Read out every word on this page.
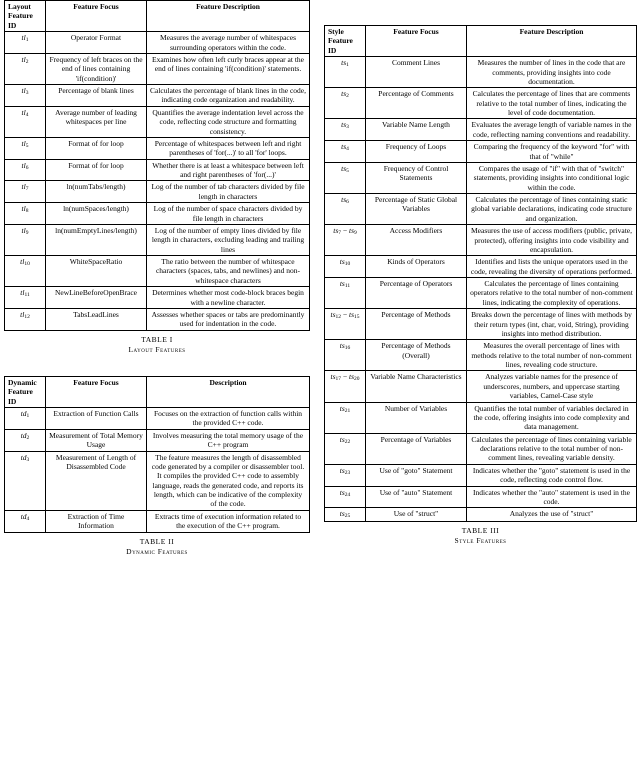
Layout Feature ID	Feature Focus	Feature Description
$tl_1$	Operator Format	Measures the average number of whitespaces surrounding operators within the code.
$tl_2$	Frequency of left braces on the end of lines containing 'if(condition)'	Examines how often left curly braces appear at the end of lines containing 'if(condition)' statements.
$tl_3$	Percentage of blank lines	Calculates the percentage of blank lines in the code, indicating code organization and readability.
$tl_4$	Average number of leading whitespaces per line	Quantifies the average indentation level across the code, reflecting code structure and formatting consistency.
$tl_5$	Format of for loop	Percentage of whitespaces between left and right parentheses of 'for(...)' to all 'for' loops.
$tl_6$	Format of for loop	Whether there is at least a whitespace between left and right parentheses of 'for(...)'
$tl_7$	ln(numTabs/length)	Log of the number of tab characters divided by file length in characters
$tl_8$	ln(numSpaces/length)	Log of the number of space characters divided by file length in characters
$tl_9$	ln(numEmptyLines/length)	Log of the number of empty lines divided by file length in characters, excluding leading and trailing lines
$tl_{10}$	WhiteSpaceRatio	The ratio between the number of whitespace characters (spaces, tabs, and newlines) and non-whitespace characters
$tl_{11}$	NewLineBeforeOpenBrace	Determines whether most code-block braces begin with a newline character.
$tl_{12}$	TabsLeadLines	Assesses whether spaces or tabs are predominantly used for indentation in the code.
TABLE I
Layout Features
Dynamic Feature ID	Feature Focus	Description
$td_1$	Extraction of Function Calls	Focuses on the extraction of function calls within the provided C++ code.
$td_2$	Measurement of Total Memory Usage	Involves measuring the total memory usage of the C++ program
$td_3$	Measurement of Length of Disassembled Code	The feature measures the length of disassembled code generated by a compiler or disassembler tool. It compiles the provided C++ code to assembly language, reads the generated code, and reports its length, which can be indicative of the complexity of the code.
$td_4$	Extraction of Time Information	Extracts time of execution information related to the execution of the C++ program.
TABLE II
Dynamic Features
Style Feature ID	Feature Focus	Feature Description
$ts_1$	Comment Lines	Measures the number of lines in the code that are comments, providing insights into code documentation.
$ts_2$	Percentage of Comments	Calculates the percentage of lines that are comments relative to the total number of lines, indicating the level of code documentation.
$ts_3$	Variable Name Length	Evaluates the average length of variable names in the code, reflecting naming conventions and readability.
$ts_4$	Frequency of Loops	Comparing the frequency of the keyword "for" with that of "while"
$ts_5$	Frequency of Control Statements	Compares the usage of "if" with that of "switch" statements, providing insights into conditional logic within the code.
$ts_6$	Percentage of Static Global Variables	Calculates the percentage of lines containing static global variable declarations, indicating code structure and organization.
$ts_7 - ts_9$	Access Modifiers	Measures the use of access modifiers (public, private, protected), offering insights into code visibility and encapsulation.
$ts_{10}$	Kinds of Operators	Identifies and lists the unique operators used in the code, revealing the diversity of operations performed.
$ts_{11}$	Percentage of Operators	Calculates the percentage of lines containing operators relative to the total number of non-comment lines, indicating the complexity of operations.
$ts_{12} - ts_{15}$	Percentage of Methods	Breaks down the percentage of lines with methods by their return types (int, char, void, String), providing insights into method distribution.
$ts_{16}$	Percentage of Methods (Overall)	Measures the overall percentage of lines with methods relative to the total number of non-comment lines, revealing code structure.
$ts_{17} - ts_{20}$	Variable Name Characteristics	Analyzes variable names for the presence of underscores, numbers, and uppercase starting variables, Camel-Case style
$ts_{21}$	Number of Variables	Quantifies the total number of variables declared in the code, offering insights into code complexity and data management.
$ts_{22}$	Percentage of Variables	Calculates the percentage of lines containing variable declarations relative to the total number of non-comment lines, revealing variable density.
$ts_{23}$	Use of "goto" Statement	Indicates whether the "goto" statement is used in the code, reflecting code control flow.
$ts_{24}$	Use of "auto" Statement	Indicates whether the "auto" statement is used in the code.
$ts_{25}$	Use of "struct"	Analyzes the use of "struct"
TABLE III
Style Features
